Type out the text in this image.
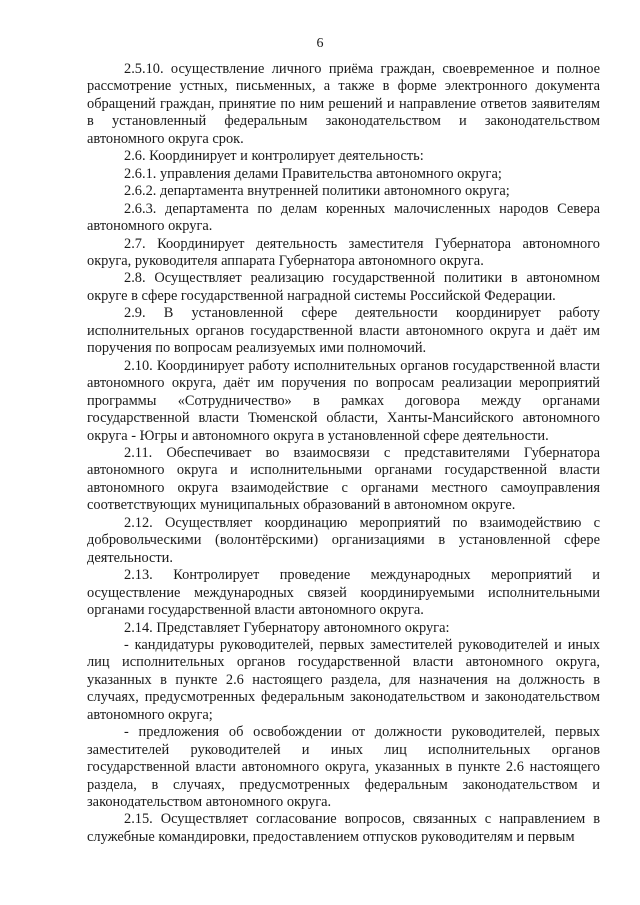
6

2.5.10. осуществление личного приёма граждан, своевременное и полное рассмотрение устных, письменных, а также в форме электронного документа обращений граждан, принятие по ним решений и направление ответов заявителям в установленный федеральным законодательством и законодательством автономного округа срок.

2.6. Координирует и контролирует деятельность:

2.6.1. управления делами Правительства автономного округа;

2.6.2. департамента внутренней политики автономного округа;

2.6.3. департамента по делам коренных малочисленных народов Севера автономного округа.

2.7. Координирует деятельность заместителя Губернатора автономного округа, руководителя аппарата Губернатора автономного округа.

2.8. Осуществляет реализацию государственной политики в автономном округе в сфере государственной наградной системы Российской Федерации.

2.9. В установленной сфере деятельности координирует работу исполнительных органов государственной власти автономного округа и даёт им поручения по вопросам реализуемых ими полномочий.

2.10. Координирует работу исполнительных органов государственной власти автономного округа, даёт им поручения по вопросам реализации мероприятий программы «Сотрудничество» в рамках договора между органами государственной власти Тюменской области, Ханты-Мансийского автономного округа - Югры и автономного округа в установленной сфере деятельности.

2.11. Обеспечивает во взаимосвязи с представителями Губернатора автономного округа и исполнительными органами государственной власти автономного округа взаимодействие с органами местного самоуправления соответствующих муниципальных образований в автономном округе.

2.12. Осуществляет координацию мероприятий по взаимодействию с добровольческими (волонтёрскими) организациями в установленной сфере деятельности.

2.13. Контролирует проведение международных мероприятий и осуществление международных связей координируемыми исполнительными органами государственной власти автономного округа.

2.14. Представляет Губернатору автономного округа:

- кандидатуры руководителей, первых заместителей руководителей и иных лиц исполнительных органов государственной власти автономного округа, указанных в пункте 2.6 настоящего раздела, для назначения на должность в случаях, предусмотренных федеральным законодательством и законодательством автономного округа;

- предложения об освобождении от должности руководителей, первых заместителей руководителей и иных лиц исполнительных органов государственной власти автономного округа, указанных в пункте 2.6 настоящего раздела, в случаях, предусмотренных федеральным законодательством и законодательством автономного округа.

2.15. Осуществляет согласование вопросов, связанных с направлением в служебные командировки, предоставлением отпусков руководителям и первым
